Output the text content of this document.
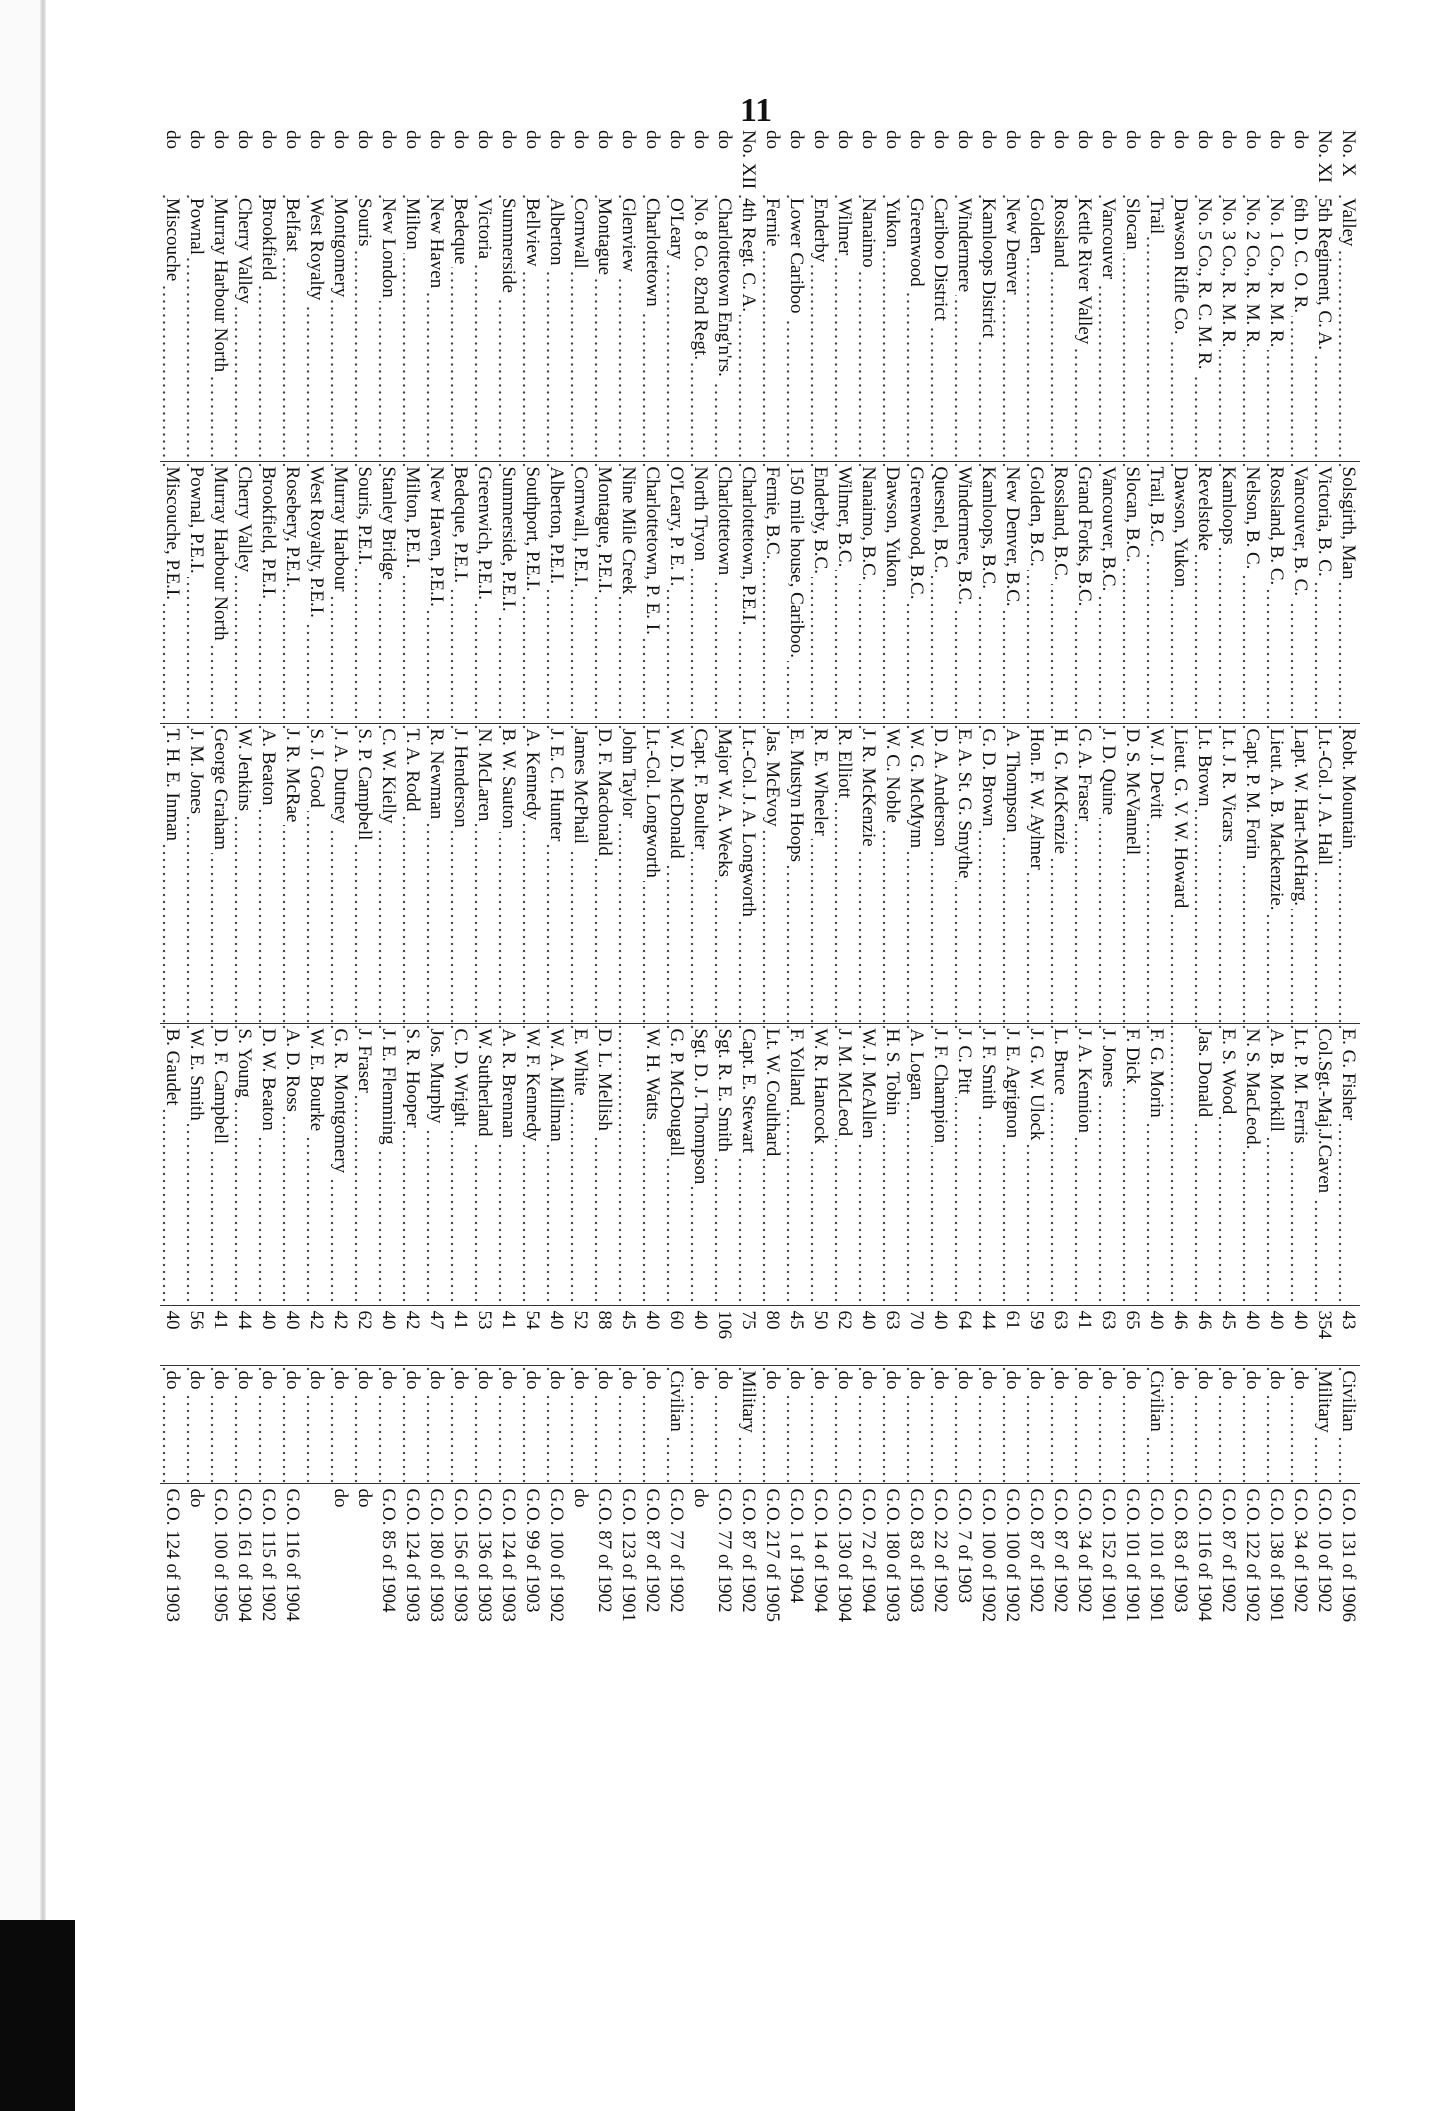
11
No. X	Valley	Solsgirth, Man	Robt. Mountain	E. G. Fisher	43	Civilian	G.O. 131 of 1906
No. XI	5th Regiment, C. A.	Victoria, B. C.	Lt.-Col. J. A. Hall	Col.Sgt.-Maj.J.Caven	354	Military	G.O. 10 of 1902
do	6th D. C. O. R.	Vancouver, B. C.	Lapt. W. Hart-McHarg.	Lt. P. M. Ferris	40	do	G.O. 34 of 1902
do	No. 1 Co., R. M. R.	Rossland, B. C.	Lieut. A. B. Mackenzie.	A. B. Morkill	40	do	G.O. 138 of 1901
do	No. 2 Co., R. M. R.	Nelson, B. C.	Capt. P. M. Forin	N. S. MacLeod.	40	do	G.O. 122 of 1902
do	No. 3 Co., R. M. R.	Kamloops	Lt. J. R. Vicars	E. S. Wood	45	do	G.O. 87 of 1902
do	No. 5 Co., R. C. M. R.	Revelstoke	Lt. Brown	Jas. Donald	46	do	G.O. 116 of 1904
do	Dawson Rifle Co.	Dawson, Yukon	Lieut. G. V. W. Howard		46	do	G.O. 83 of 1903
do	Trail	Trail, B.C.	W. J. Devitt	F. G. Morin	40	Civilian	G.O. 101 of 1901
do	Slocan	Slocan, B.C.	D. S. McVannell	F. Dick	65	do	G.O. 101 of 1901
do	Vancouver	Vancouver, B.C.	J. D. Quine	J. Jones	63	do	G.O. 152 of 1901
do	Kettle River Valley	Grand Forks, B.C.	G. A. Fraser	J. A. Kennion	41	do	G.O. 34 of 1902
do	Rossland	Rossland, B.C.	H. G. McKenzie	L. Bruce	63	do	G.O. 87 of 1902
do	Golden	Golden, B.C.	Hon. F. W. Aylmer	J. G. W. Ulock	59	do	G.O. 87 of 1902
do	New Denver	New Denver, B.C.	A. Thompson	J. E. Agrignon	61	do	G.O. 100 of 1902
do	Kamloops District	Kamloops, B.C.	G. D. Brown	J. F. Smith	44	do	G.O. 100 of 1902
do	Windermere	Windermere, B.C.	E. A. St. G. Smythe	J. C. Pitt	64	do	G.O. 7 of 1903
do	Cariboo District	Quesnel, B.C.	D. A. Anderson	J. F. Champion	40	do	G.O. 22 of 1902
do	Greenwood	Greenwood, B.C.	W. G. McMynn	A. Logan	70	do	G.O. 83 of 1903
do	Yukon	Dawson, Yukon	W. C. Noble	H. S. Tobin	63	do	G.O. 180 of 1903
do	Nanaimo	Nanaimo, B.C.	J. R. McKenzie	W. J. McAllen	40	do	G.O. 72 of 1904
do	Wilmer	Wilmer, B.C.	R. Elliott	J. M. McLeod	62	do	G.O. 130 of 1904
do	Enderby	Enderby, B.C.	R. E. Wheeler	W. R. Hancock	50	do	G.O. 14 of 1904
do	Lower Cariboo	150 mile house, Cariboo.	E. Mustyn Hoops	F. Yolland	45	do	G.O. 1 of 1904
do	Fernie	Fernie, B.C.	Jas. McEvoy	Lt. W. Coulthard	80	do	G.O. 217 of 1905
No. XII	4th Regt. C. A.	Charlottetown, P.E.I.	Lt.-Col. J. A. Longworth	Capt. E. Stewart	75	Military	G.O. 87 of 1902
do	Charlottetown Eng'n'rs.	Charlottetown	Major W. A. Weeks	Sgt. R. E. Smith	106	do	G.O. 77 of 1902
do	No. 8 Co. 82nd Regt.	North Tryon	Capt. F. Boulter	Sgt. D. J. Thompson	40	do	do
do	O'Leary	O'Leary, P. E. I.	W. D. McDonald	G. P. McDougall	60	Civilian	G.O. 77 of 1902
do	Charlottetown	Charlottetown, P. E. I.	Lt.-Col. Longworth	W. H. Watts	40	do	G.O. 87 of 1902
do	Glenview	Nine Mile Creek	John Taylor		45	do	G.O. 123 of 1901
do	Montague	Montague, P.E.I.	D. F. Macdonald	D. L. Mellish	88	do	G.O. 87 of 1902
do	Cornwall	Cornwall, P.E.I.	James McPhail	E. White	52	do	do
do	Alberton	Alberton, P.E.I.	J. E. C. Hunter	W. A. Millman	40	do	G.O. 100 of 1902
do	Bellview	Southport, P.E.I.	A. Kennedy	W. F. Kennedy	54	do	G.O. 99 of 1903
do	Summerside	Summerside, P.E.I.	B. W. Sauton	A. R. Brennan	41	do	G.O. 124 of 1903
do	Victoria	Greenwich, P.E.I.	N. McLaren	W. Sutherland	53	do	G.O. 136 of 1903
do	Bedeque	Bedeque, P.E.I.	J. Henderson	C. D. Wright	41	do	G.O. 156 of 1903
do	New Haven	New Haven, P.E.I.	R. Newman	Jos. Murphy	47	do	G.O. 180 of 1903
do	Milton	Milton, P.E.I.	T. A. Rodd	S. R. Hooper	42	do	G.O. 124 of 1903
do	New London	Stanley Bridge	C. W. Kielly	J. E. Flemming	40	do	G.O. 85 of 1904
do	Souris	Souris, P.E.I.	S. P. Campbell	J. Fraser	62	do	do
do	Montgomery	Murray Harbour	J. A. Dutney	G. R. Montgomery	42	do	do
do	West Royalty	West Royalty, P.E.I.	S. J. Good	W. E. Bourke	42	do	
do	Belfast	Rosebery, P.E.I.	J. R. McRae	A. D. Ross	40	do	G.O. 116 of 1904
do	Brookfield	Brookfield, P.E.I.	A. Beaton	D. W. Beaton	40	do	G.O. 115 of 1902
do	Cherry Valley	Cherry Valley	W. Jenkins	S. Young	44	do	G.O. 161 of 1904
do	Murray Harbour North	Murray Harbour North	George Graham	D. F. Campbell	41	do	G.O. 100 of 1905
do	Pownal	Pownal, P.E.I.	J. M. Jones	W. E. Smith	56	do	do
do	Miscouche	Miscouche, P.E.I.	T. H. E. Inman	B. Gaudet	40	do	G.O. 124 of 1903
